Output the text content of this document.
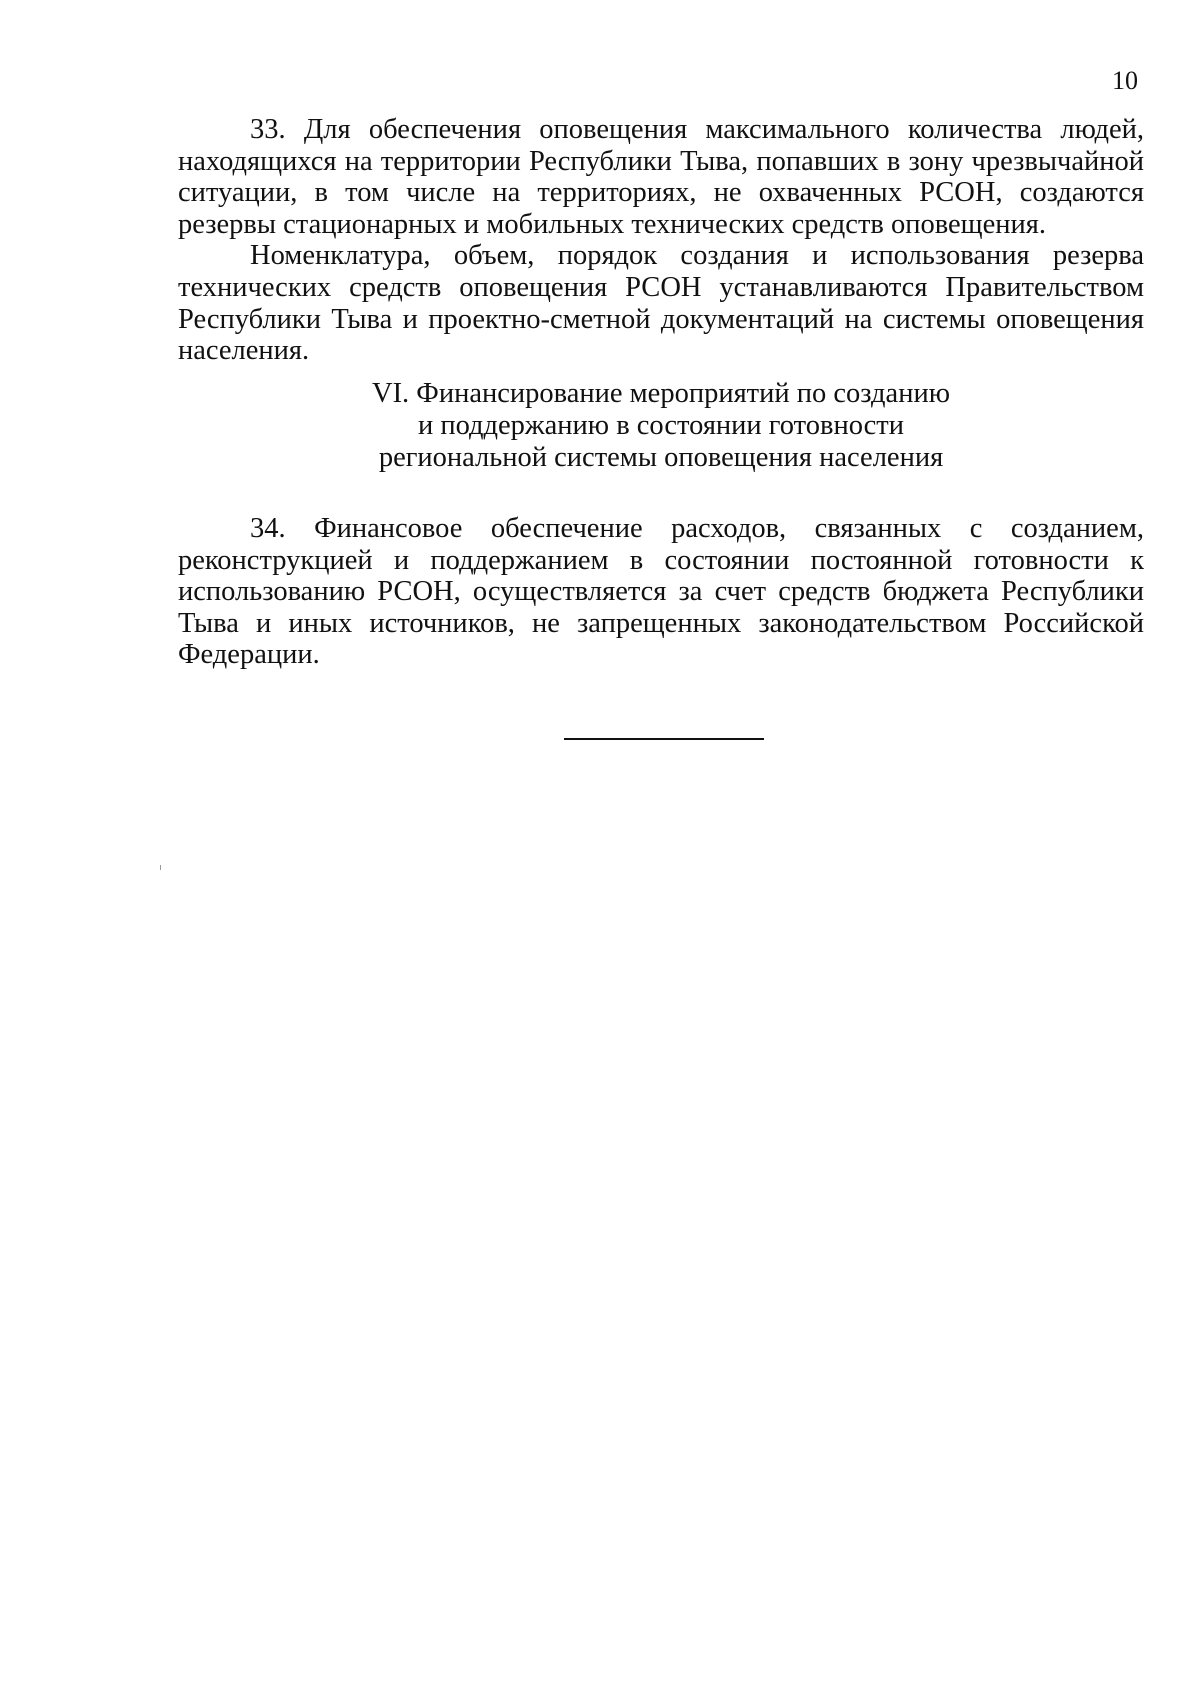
10

33. Для обеспечения оповещения максимального количества людей, находящихся на территории Республики Тыва, попавших в зону чрезвычайной ситуации, в том числе на территориях, не охваченных РСОН, создаются резервы стационарных и мобильных технических средств оповещения.

Номенклатура, объем, порядок создания и использования резерва технических средств оповещения РСОН устанавливаются Правительством Республики Тыва и проектно-сметной документаций на системы оповещения населения.

VI. Финансирование мероприятий по созданию
и поддержанию в состоянии готовности
региональной системы оповещения населения

34. Финансовое обеспечение расходов, связанных с созданием, реконструкцией и поддержанием в состоянии постоянной готовности к использованию РСОН, осуществляется за счет средств бюджета Республики Тыва и иных источников, не запрещенных законодательством Российской Федерации.
